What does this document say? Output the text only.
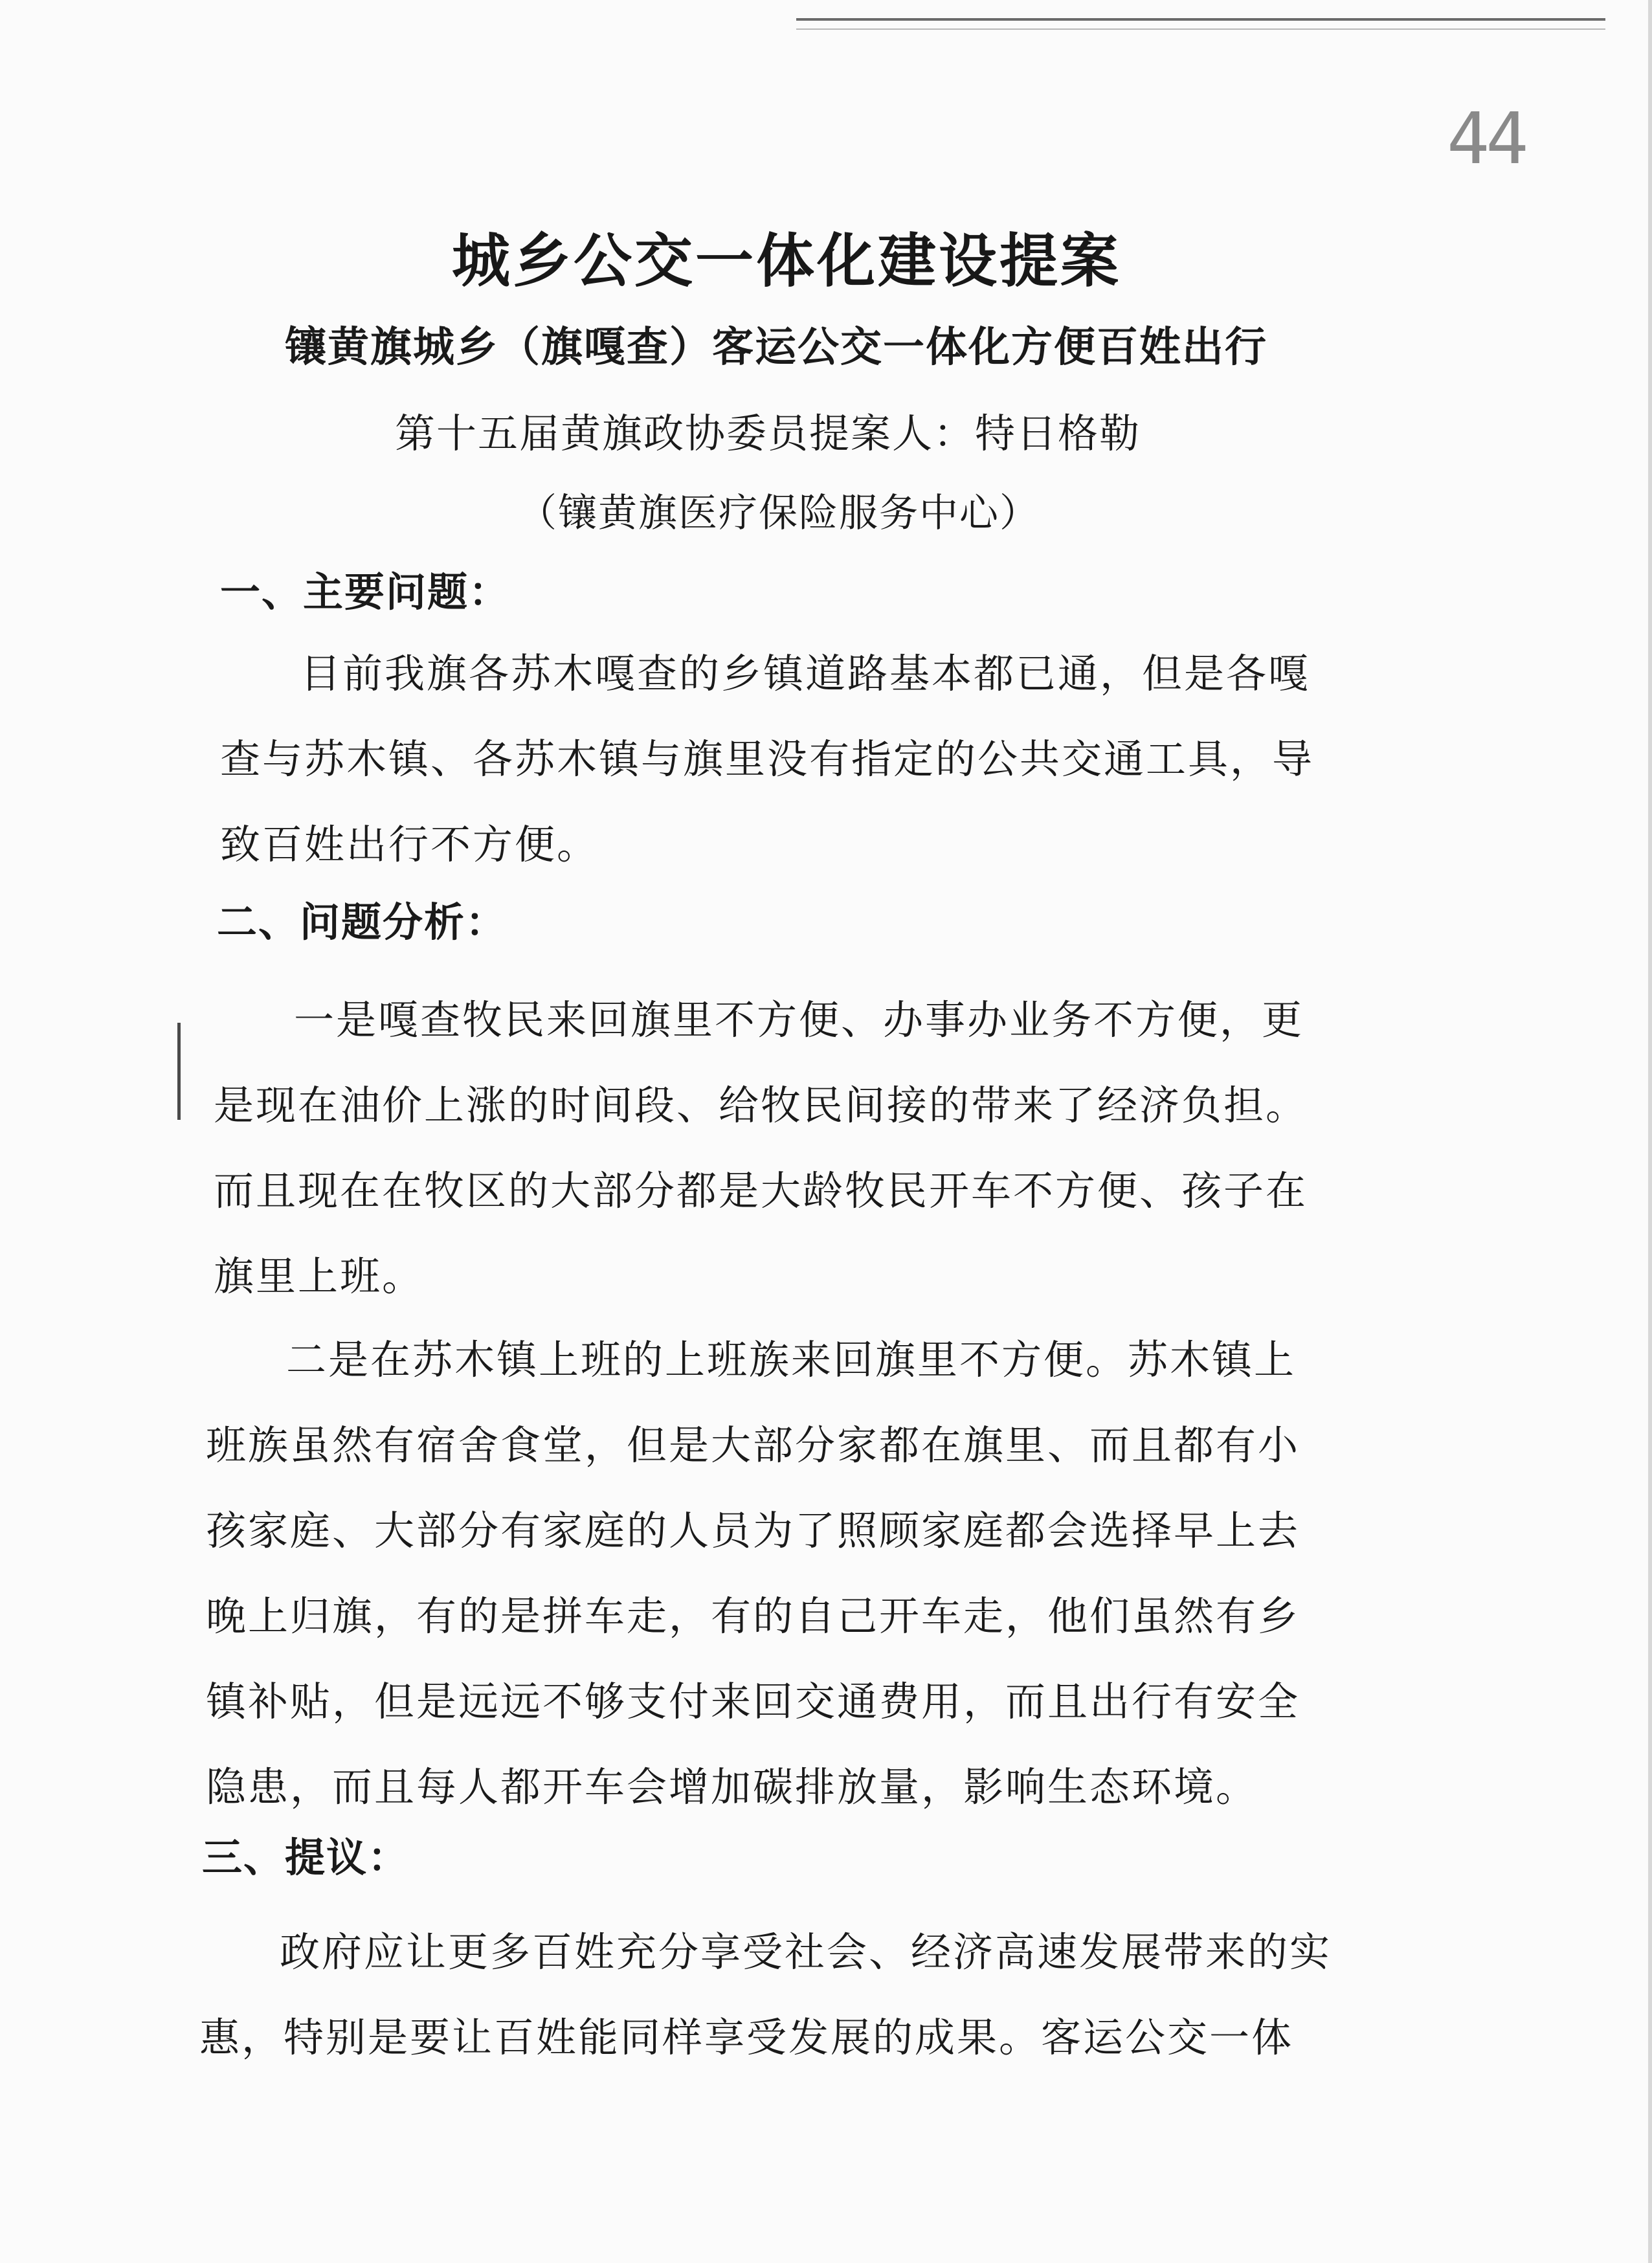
44
城乡公交一体化建设提案
镶黄旗城乡（旗嘎查）客运公交一体化方便百姓出行
第十五届黄旗政协委员提案人：特日格勒
（镶黄旗医疗保险服务中心）
一、主要问题：
目前我旗各苏木嘎查的乡镇道路基本都已通，但是各嘎查与苏木镇、各苏木镇与旗里没有指定的公共交通工具，导致百姓出行不方便。
二、问题分析：
一是嘎查牧民来回旗里不方便、办事办业务不方便，更是现在油价上涨的时间段、给牧民间接的带来了经济负担。而且现在在牧区的大部分都是大龄牧民开车不方便、孩子在旗里上班。
二是在苏木镇上班的上班族来回旗里不方便。苏木镇上班族虽然有宿舍食堂，但是大部分家都在旗里、而且都有小孩家庭、大部分有家庭的人员为了照顾家庭都会选择早上去晚上归旗，有的是拼车走，有的自己开车走，他们虽然有乡镇补贴，但是远远不够支付来回交通费用，而且出行有安全隐患，而且每人都开车会增加碳排放量，影响生态环境。
三、提议：
政府应让更多百姓充分享受社会、经济高速发展带来的实惠，特别是要让百姓能同样享受发展的成果。客运公交一体
